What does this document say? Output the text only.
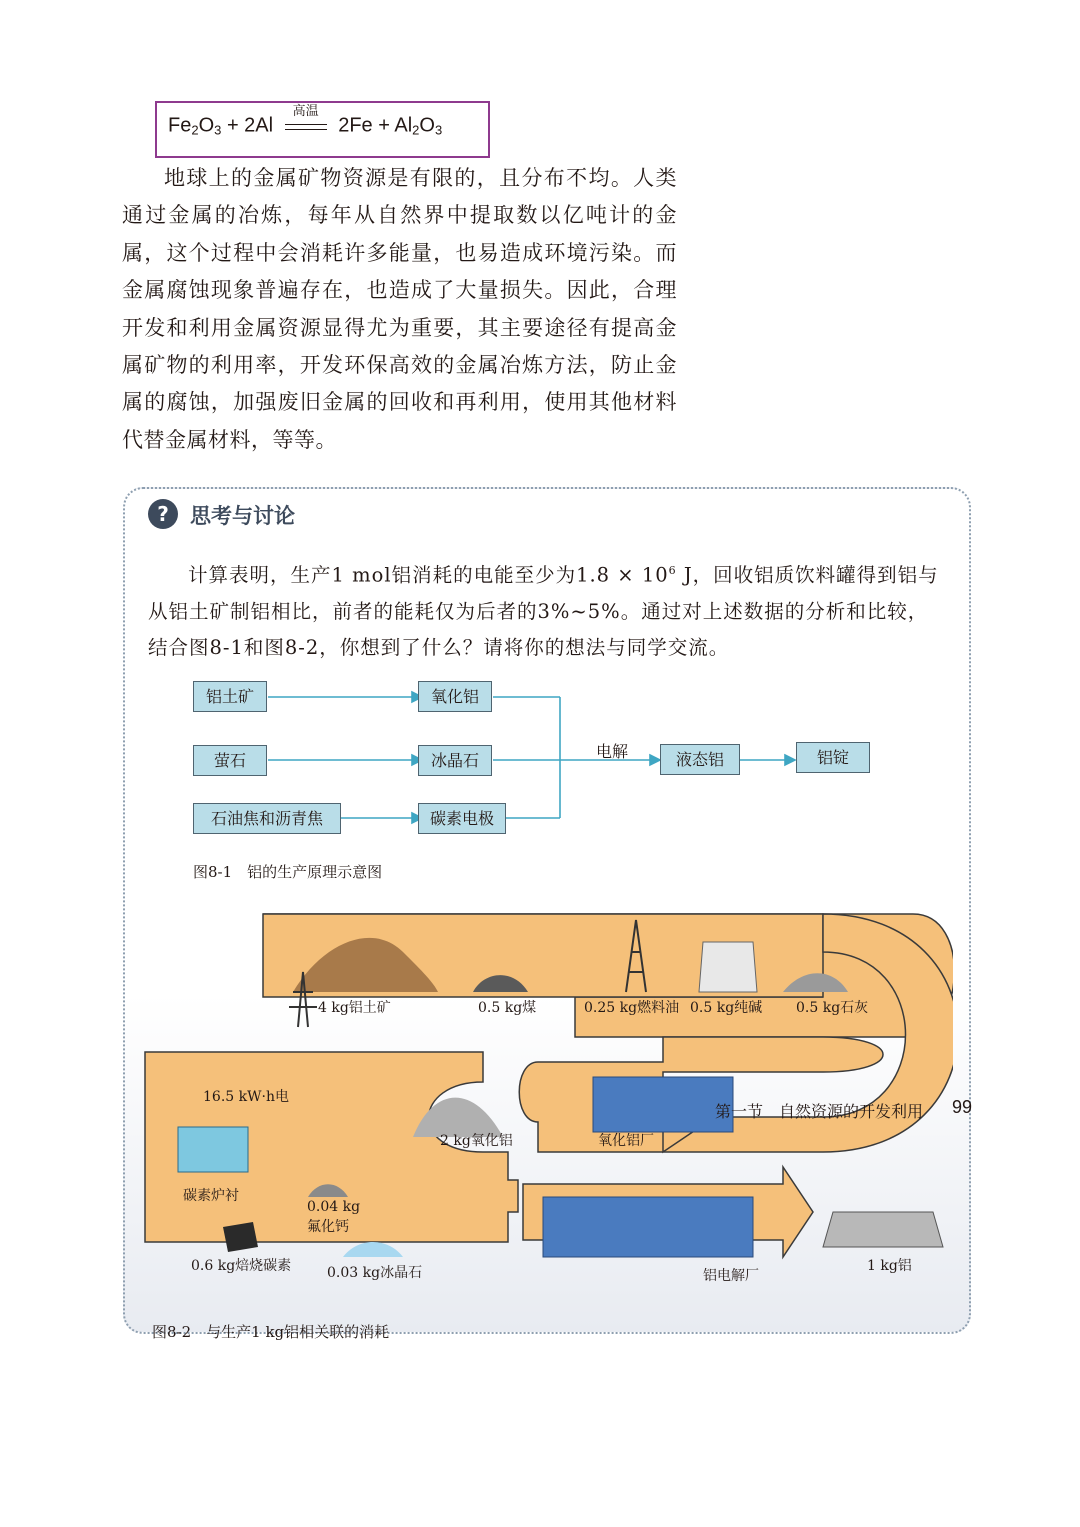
$Fe_2O_3 + 2Al$
高温
$2Fe + Al_2O_3$

地球上的金属矿物资源是有限的，且分布不均。人类通过金属的冶炼，每年从自然界中提取数以亿吨计的金属，这个过程中会消耗许多能量，也易造成环境污染。而金属腐蚀现象普遍存在，也造成了大量损失。因此，合理开发和利用金属资源显得尤为重要，其主要途径有提高金属矿物的利用率，开发环保高效的金属冶炼方法，防止金属的腐蚀，加强废旧金属的回收和再利用，使用其他材料代替金属材料，等等。

?	思考与讨论

计算表明，生产1 mol铝消耗的电能至少为$1.8 \times 10^6$ J，回收铝质饮料罐得到铝与从铝土矿制铝相比，前者的能耗仅为后者的3%~5%。通过对上述数据的分析和比较，结合图8-1和图8-2，你想到了什么？请将你的想法与同学交流。

铝土矿	氧化铝
萤石	冰晶石
石油焦和沥青焦	碳素电极
液态铝	铝锭
电解
图8-1　铝的生产原理示意图
4 kg铝土矿	0.5 kg煤	0.25 kg燃料油 0.5 kg纯碱 0.5 kg石灰
16.5 kW·h电
2 kg氧化铝	氧化铝厂
碳素炉衬
0.04 kg
氟化钙
0.6 kg焙烧碳素	0.03 kg冰晶石	铝电解厂
1 kg铝
图8-2　与生产1 kg铝相关联的消耗
第一节　自然资源的开发利用 99
